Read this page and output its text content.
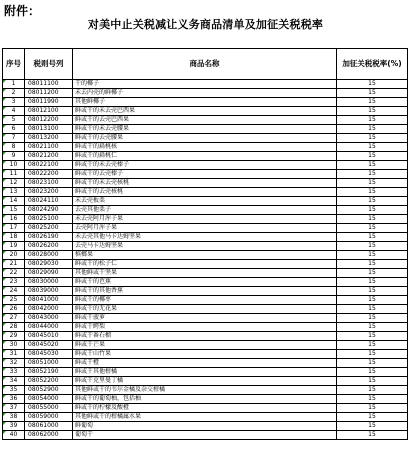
附件：
对美中止关税减让义务商品清单及加征关税税率
序号	税则号列	商品名称	加征关税税率(%)

1	08011100	干的椰子	15

2	08011200	未去内壳的鲜椰子	15

3	08011990	其他鲜椰子	15

4	08012100	鲜或干的未去壳巴西果	15

5	08012200	鲜或干的去壳巴西果	15

6	08013100	鲜或干的未去壳腰果	15

7	08013200	鲜或干的去壳腰果	15

8	08021100	鲜或干的扁桃核	15

9	08021200	鲜或干的扁桃仁	15

10	08022100	鲜或干的未去壳榛子	15

11	08022200	鲜或干的去壳榛子	15

12	08023100	鲜或干的未去壳核桃	15

13	08023200	鲜或干的去壳核桃	15

14	08024110	未去壳板栗	15

15	08024290	去壳其他栗子	15

16	08025100	未去壳阿月浑子果	15

17	08025200	去壳阿月浑子果	15

18	08026190	未去壳其他马卡达姆坚果	15

19	08026200	去壳马卡达姆坚果	15

20	08028000	槟榔果	15

21	08029030	鲜或干的松子仁	15

22	08029090	其他鲜或干坚果	15

23	08030000	鲜或干的芭蕉	15

24	08039000	鲜或干的其他香蕉	15

25	08041000	鲜或干的椰枣	15

26	08042000	鲜或干的无花果	15

27	08043000	鲜或干菠萝	15

28	08044000	鲜或干鳄梨	15

29	08045010	鲜或干番石榴	15

30	08045020	鲜或干芒果	15

31	08045030	鲜或干山竹果	15

32	08051000	鲜或干橙	15

33	08052190	鲜或干其他柑橘	15

34	08052200	鲜或干克里曼丁橘	15

35	08052900	其他鲜或干的韦尔金橘及杂交柑橘	15

36	08054000	鲜或干的葡萄柚，包括柚	15

37	08055000	鲜或干的柠檬及酸橙	15

38	08059000	其他鲜或干的柑橘属水果	15

39	08061000	鲜葡萄	15

40	08062000	葡萄干	15
